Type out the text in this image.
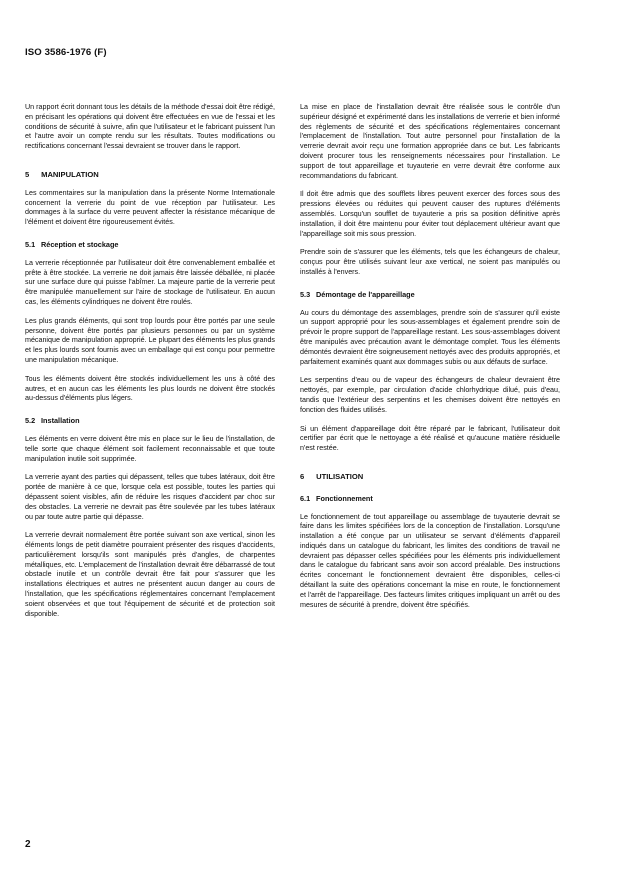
ISO 3586-1976 (F)

Un rapport écrit donnant tous les détails de la méthode d'essai doit être rédigé, en précisant les opérations qui doivent être effectuées en vue de l'essai et les conditions de sécurité à suivre, afin que l'utilisateur et le fabricant puissent l'un et l'autre avoir un compte rendu sur les résultats. Toutes modifications ou rectifications concernant l'essai devraient se trouver dans le rapport.

5 MANIPULATION

Les commentaires sur la manipulation dans la présente Norme Internationale concernent la verrerie du point de vue réception par l'utilisateur. Les dommages à la surface du verre peuvent affecter la résistance mécanique de l'élément et doivent être rigoureusement évités.

5.1 Réception et stockage

La verrerie réceptionnée par l'utilisateur doit être convenablement emballée et prête à être stockée. La verrerie ne doit jamais être laissée déballée, ni placée sur une surface dure qui puisse l'abîmer. La majeure partie de la verrerie peut être manipulée manuellement sur l'aire de stockage de l'utilisateur. En aucun cas, les éléments cylindriques ne doivent être roulés.

Les plus grands éléments, qui sont trop lourds pour être portés par une seule personne, doivent être portés par plusieurs personnes ou par un système mécanique de manipulation approprié. Le plupart des éléments les plus grands et les plus lourds sont fournis avec un emballage qui est conçu pour permettre une manipulation mécanique.

Tous les éléments doivent être stockés individuellement les uns à côté des autres, et en aucun cas les éléments les plus lourds ne doivent être stockés au-dessus d'éléments plus légers.

5.2 Installation

Les éléments en verre doivent être mis en place sur le lieu de l'installation, de telle sorte que chaque élément soit facilement reconnaissable et que toute manipulation inutile soit supprimée.

La verrerie ayant des parties qui dépassent, telles que tubes latéraux, doit être portée de manière à ce que, lorsque cela est possible, toutes les parties qui dépassent soient visibles, afin de réduire les risques d'accident par choc sur des obstacles. La verrerie ne devrait pas être soulevée par les tubes latéraux ou par toute autre partie qui dépasse.

La verrerie devrait normalement être portée suivant son axe vertical, sinon les éléments longs de petit diamètre pourraient présenter des risques d'accidents, particulièrement lorsqu'ils sont manipulés près d'angles, de charpentes métalliques, etc. L'emplacement de l'installation devrait être débarrassé de tout obstacle inutile et un contrôle devrait être fait pour s'assurer que les installations électriques et autres ne présentent aucun danger au cours de l'installation, que les spécifications réglementaires concernant l'emplacement soient observées et que tout l'équipement de sécurité et de protection soit disponible.

La mise en place de l'installation devrait être réalisée sous le contrôle d'un supérieur désigné et expérimenté dans les installations de verrerie et bien informé des règlements de sécurité et des spécifications réglementaires concernant l'emplacement de l'installation. Tout autre personnel pour l'installation de la verrerie devrait avoir reçu une formation appropriée dans ce but. Les fabricants doivent procurer tous les renseignements nécessaires pour l'installation. Le support de tout appareillage et tuyauterie en verre devrait être conforme aux recommandations du fabricant.

Il doit être admis que des soufflets libres peuvent exercer des forces sous des pressions élevées ou réduites qui peuvent causer des ruptures d'éléments assemblés. Lorsqu'un soufflet de tuyauterie a pris sa position définitive après installation, il doit être maintenu pour éviter tout déplacement ultérieur avant que l'appareillage soit mis sous pression.

Prendre soin de s'assurer que les éléments, tels que les échangeurs de chaleur, conçus pour être utilisés suivant leur axe vertical, ne soient pas manipulés ou installés à l'envers.

5.3 Démontage de l'appareillage

Au cours du démontage des assemblages, prendre soin de s'assurer qu'il existe un support approprié pour les sous-assemblages et également prendre soin de prévoir le propre support de l'appareillage restant. Les sous-assemblages doivent être manipulés avec précaution avant le démontage complet. Tous les éléments démontés devraient être soigneusement nettoyés avec des produits appropriés, et parfaitement examinés quant aux dommages subis ou aux défauts de surface.

Les serpentins d'eau ou de vapeur des échangeurs de chaleur devraient être nettoyés, par exemple, par circulation d'acide chlorhydrique dilué, puis d'eau, tandis que l'extérieur des serpentins et les chemises doivent être nettoyés en fonction des fluides utilisés.

Si un élément d'appareillage doit être réparé par le fabricant, l'utilisateur doit certifier par écrit que le nettoyage a été réalisé et qu'aucune matière résiduelle n'est restée.

6 UTILISATION
6.1 Fonctionnement

Le fonctionnement de tout appareillage ou assemblage de tuyauterie devrait se faire dans les limites spécifiées lors de la conception de l'installation. Lorsqu'une installation a été conçue par un utilisateur se servant d'éléments d'appareil indiqués dans un catalogue du fabricant, les limites des conditions de travail ne devraient pas dépasser celles spécifiées pour les éléments pris individuellement dans le catalogue du fabricant sans avoir son accord préalable. Des instructions écrites concernant le fonctionnement devraient être disponibles, celles-ci détaillant la suite des opérations concernant la mise en route, le fonctionnement et l'arrêt de l'appareillage. Des facteurs limites critiques impliquant un arrêt ou des mesures de sécurité à prendre, doivent être spécifiés.

2
